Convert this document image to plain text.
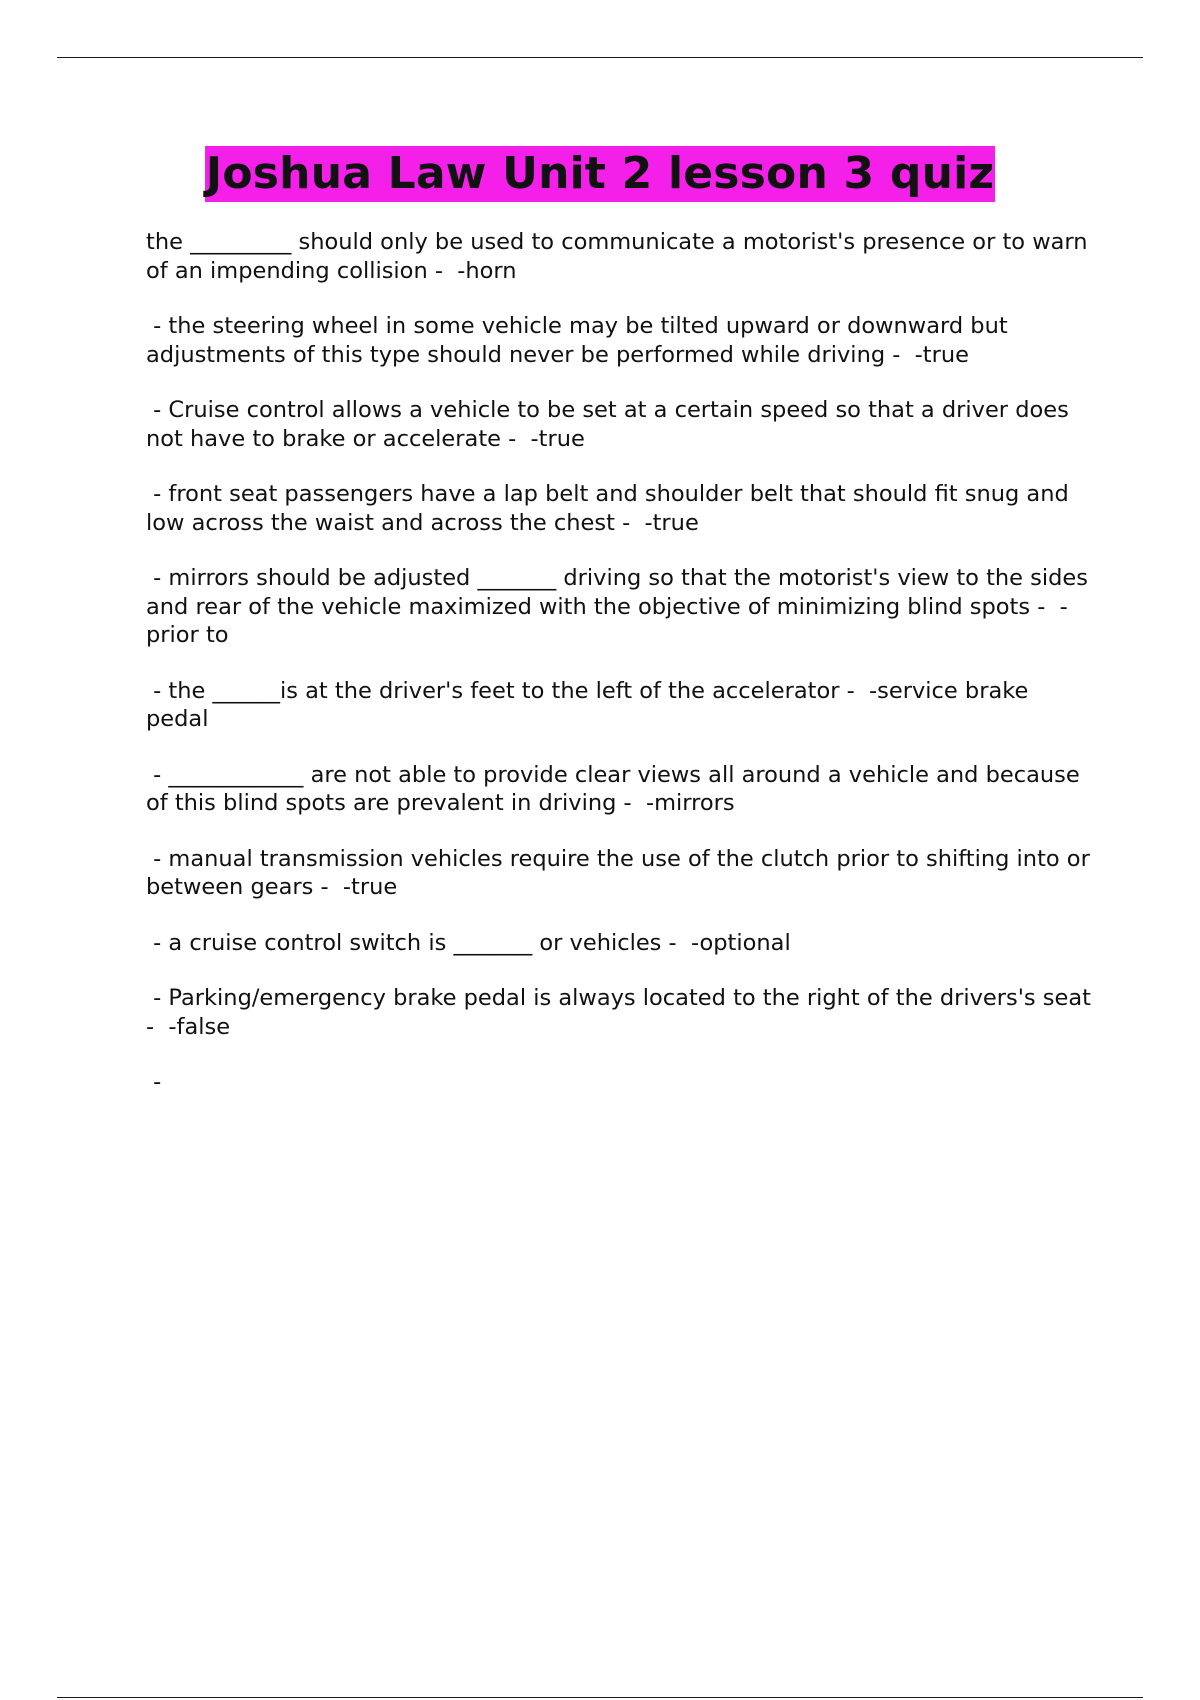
Joshua Law Unit 2 lesson 3 quiz

the _________ should only be used to communicate a motorist's presence or to warn of an impending collision -  -horn

- the steering wheel in some vehicle may be tilted upward or downward but adjustments of this type should never be performed while driving -  -true

- Cruise control allows a vehicle to be set at a certain speed so that a driver does not have to brake or accelerate -  -true

- front seat passengers have a lap belt and shoulder belt that should fit snug and low across the waist and across the chest -  -true

- mirrors should be adjusted _______ driving so that the motorist's view to the sides and rear of the vehicle maximized with the objective of minimizing blind spots -  -prior to

- the ______is at the driver's feet to the left of the accelerator -  -service brake pedal

- ____________ are not able to provide clear views all around a vehicle and because of this blind spots are prevalent in driving -  -mirrors

- manual transmission vehicles require the use of the clutch prior to shifting into or between gears -  -true

- a cruise control switch is _______ or vehicles -  -optional

- Parking/emergency brake pedal is always located to the right of the drivers's seat -  -false

-
